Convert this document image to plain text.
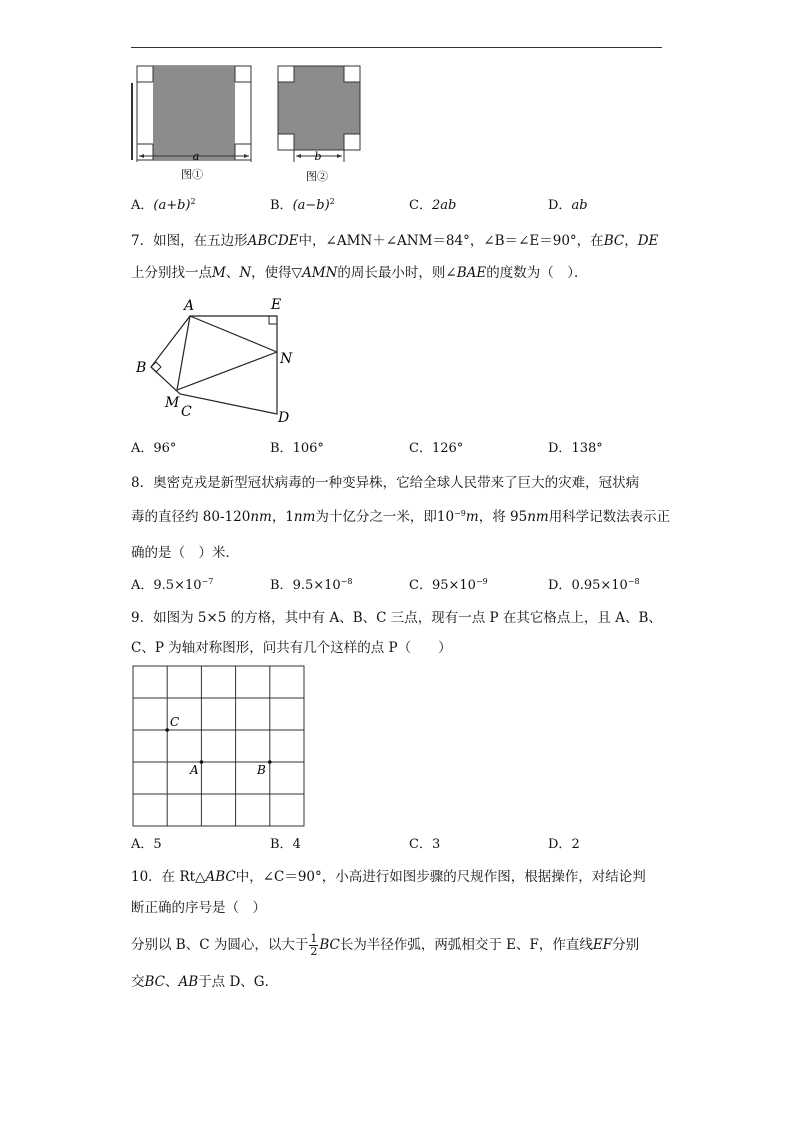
a
图①
b
图②
A．$(a+b)^2$	B．$(a-b)^2$	C．2ab	D．ab
7．如图，在五边形ABCDE中，∠AMN＋∠ANM＝84°，∠B＝∠E＝90°，在BC，DE
上分别找一点M、N，使得▽AMN的周长最小时，则∠BAE的度数为（　）．
A	E
B
N
M
C	D
A．96°	B．106°	C．126°	D．138°
8．奥密克戎是新型冠状病毒的一种变异株，它给全球人民带来了巨大的灾难，冠状病
毒的直径约 80-120nm，1nm为十亿分之一米，即$10^{-9}m$，将 95nm用科学记数法表示正
确的是（　）米．
A．$9.5\times 10^{-7}$	B．$9.5\times 10^{-8}$	C．$95\times 10^{-9}$	D．$0.95\times 10^{-8}$
9．如图为 5×5 的方格，其中有 A、B、C 三点，现有一点 P 在其它格点上，且 A、B、
C、P 为轴对称图形，问共有几个这样的点 P（　　）
C
A	B
A．5	B．4	C．3	D．2
10．在 Rt△ABC中，∠C＝90°，小高进行如图步骤的尺规作图，根据操作，对结论判
断正确的序号是（　）
分别以 B、C 为圆心，以大于 $\frac{1}{2}$ BC长为半径作弧，两弧相交于 E、F，作直线EF分别
交BC、AB于点 D、G．
